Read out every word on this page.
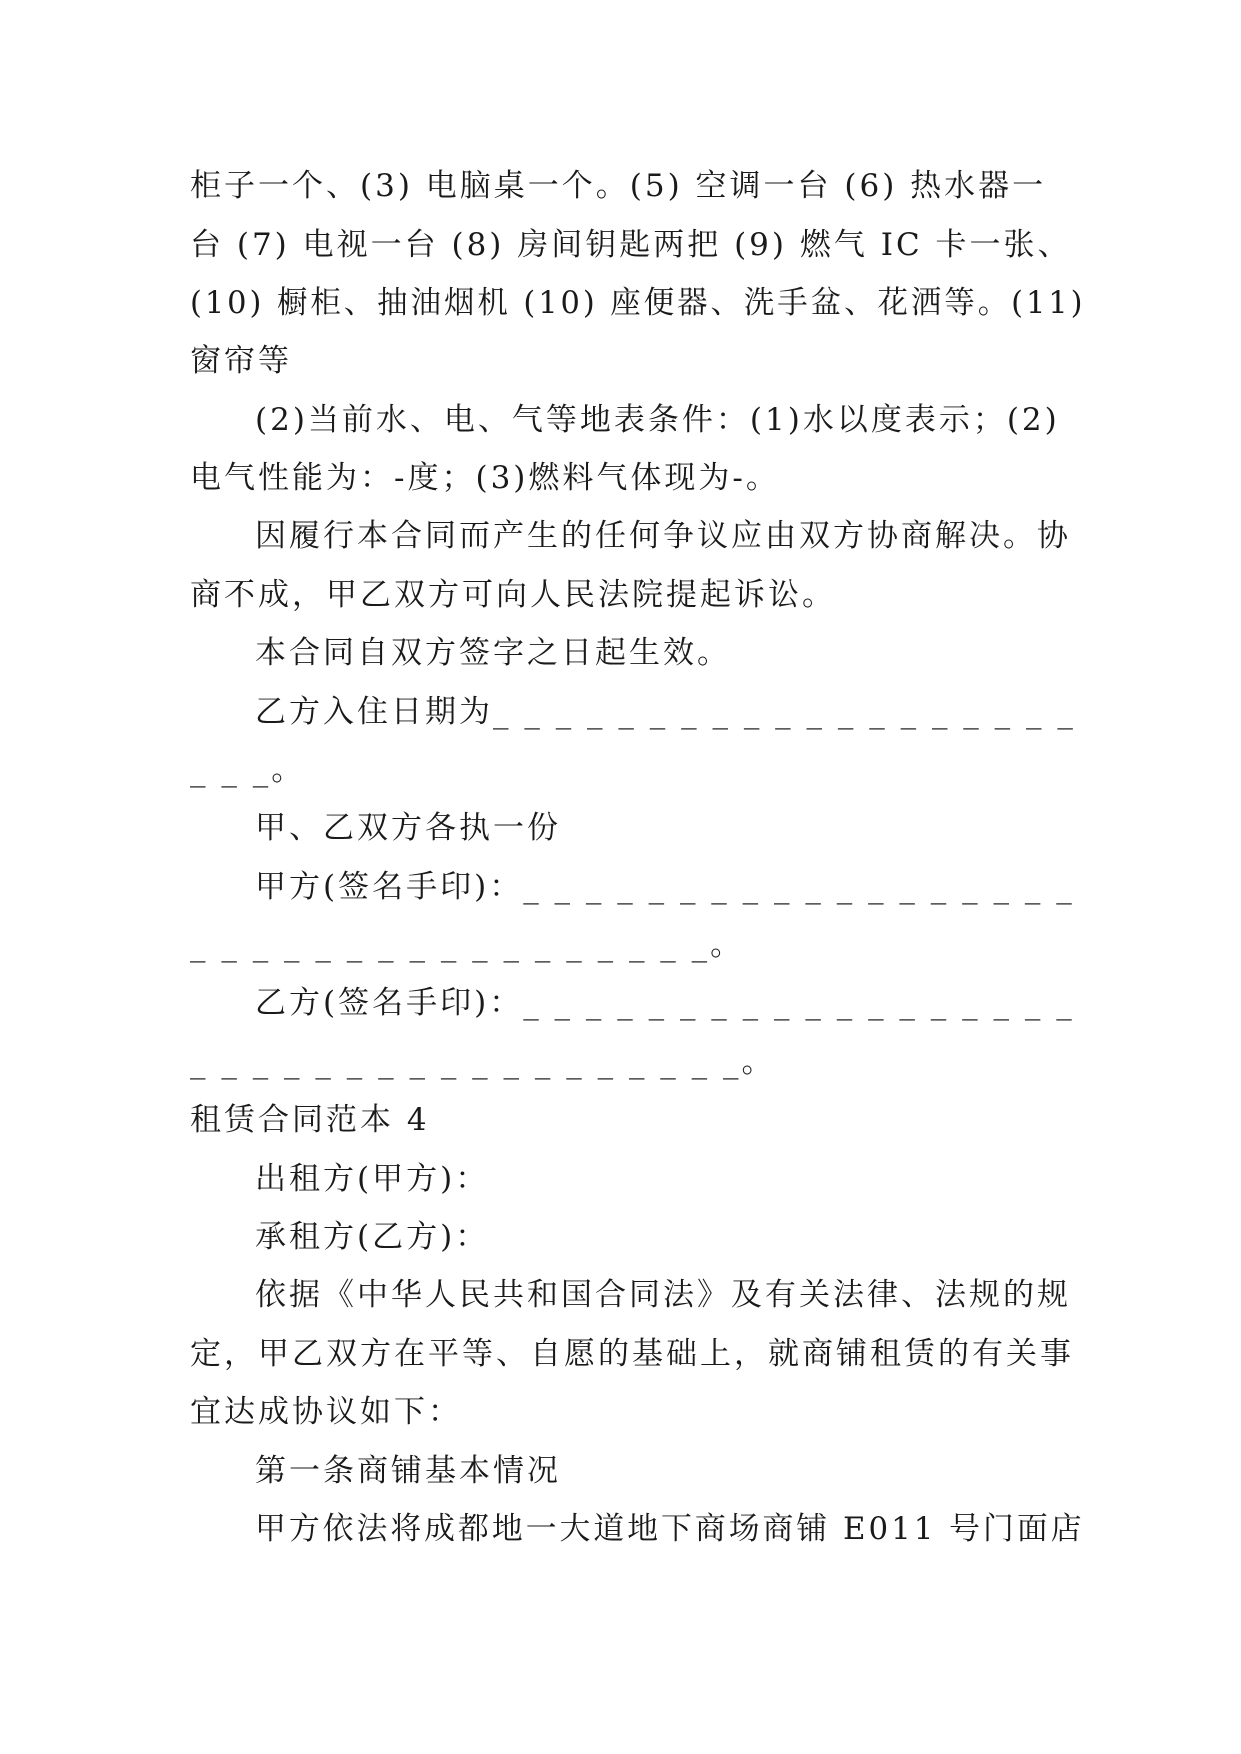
柜子一个、(3) 电脑桌一个。(5) 空调一台 (6) 热水器一
台 (7) 电视一台 (8) 房间钥匙两把 (9) 燃气 IC 卡一张、
(10) 橱柜、抽油烟机 (10) 座便器、洗手盆、花洒等。(11)
窗帘等
(2)当前水、电、气等地表条件：(1)水以度表示；(2)
电气性能为：-度；(3)燃料气体现为-。
因履行本合同而产生的任何争议应由双方协商解决。协
商不成，甲乙双方可向人民法院提起诉讼。
本合同自双方签字之日起生效。
乙方入住日期为_ _ _ _ _ _ _ _ _ _ _ _ _ _ _ _ _ _ _
_ _ _。
甲、乙双方各执一份
甲方(签名手印)：_ _ _ _ _ _ _ _ _ _ _ _ _ _ _ _ _ _
_ _ _ _ _ _ _ _ _ _ _ _ _ _ _ _ _。
乙方(签名手印)：_ _ _ _ _ _ _ _ _ _ _ _ _ _ _ _ _ _
_ _ _ _ _ _ _ _ _ _ _ _ _ _ _ _ _ _。
租赁合同范本 4
出租方(甲方)：
承租方(乙方)：
依据《中华人民共和国合同法》及有关法律、法规的规
定，甲乙双方在平等、自愿的基础上，就商铺租赁的有关事
宜达成协议如下：
第一条商铺基本情况
甲方依法将成都地一大道地下商场商铺 E011 号门面店
